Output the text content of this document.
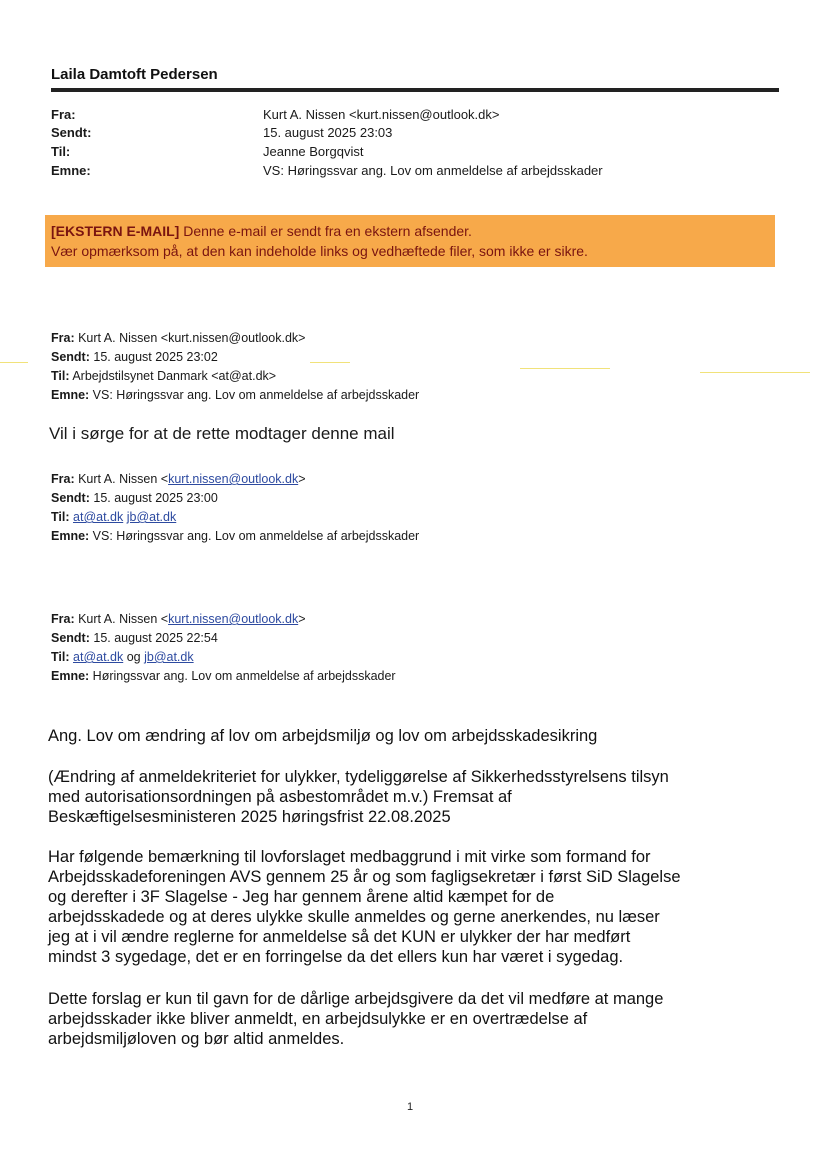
Laila Damtoft Pedersen
Fra:	Kurt A. Nissen <kurt.nissen@outlook.dk>
Sendt:	15. august 2025 23:03
Til:	Jeanne Borgqvist
Emne:	VS: Høringssvar ang. Lov om anmeldelse af arbejdsskader
[EKSTERN E-MAIL] Denne e-mail er sendt fra en ekstern afsender.
Vær opmærksom på, at den kan indeholde links og vedhæftede filer, som ikke er sikre.
Fra: Kurt A. Nissen <kurt.nissen@outlook.dk>
Sendt: 15. august 2025 23:02
Til: Arbejdstilsynet Danmark <at@at.dk>
Emne: VS: Høringssvar ang. Lov om anmeldelse af arbejdsskader
Vil i sørge for at de rette modtager denne mail
Fra: Kurt A. Nissen <kurt.nissen@outlook.dk>
Sendt: 15. august 2025 23:00
Til: at@at.dk jb@at.dk
Emne: VS: Høringssvar ang. Lov om anmeldelse af arbejdsskader
Fra: Kurt A. Nissen <kurt.nissen@outlook.dk>
Sendt: 15. august 2025 22:54
Til: at@at.dk og jb@at.dk
Emne: Høringssvar ang. Lov om anmeldelse af arbejdsskader

Ang. Lov om ændring af lov om arbejdsmiljø og lov om arbejdsskadesikring

(Ændring af anmeldekriteriet for ulykker, tydeliggørelse af Sikkerhedsstyrelsens tilsyn

med autorisationsordningen på asbestområdet m.v.) Fremsat af

Beskæftigelsesministeren 2025 høringsfrist 22.08.2025

Har følgende bemærkning til lovforslaget medbaggrund i mit virke som formand for

Arbejdsskadeforeningen AVS gennem 25 år og som fagligsekretær i først SiD Slagelse

og derefter i 3F Slagelse - Jeg har gennem årene altid kæmpet for de

arbejdsskadede og at deres ulykke skulle anmeldes og gerne anerkendes, nu læser

jeg at i vil ændre reglerne for anmeldelse så det KUN er ulykker der har medført

mindst 3 sygedage, det er en forringelse da det ellers kun har været i sygedag.

Dette forslag er kun til gavn for de dårlige arbejdsgivere da det vil medføre at mange

arbejdsskader ikke bliver anmeldt, en arbejdsulykke er en overtrædelse af

arbejdsmiljøloven og bør altid anmeldes.

1
